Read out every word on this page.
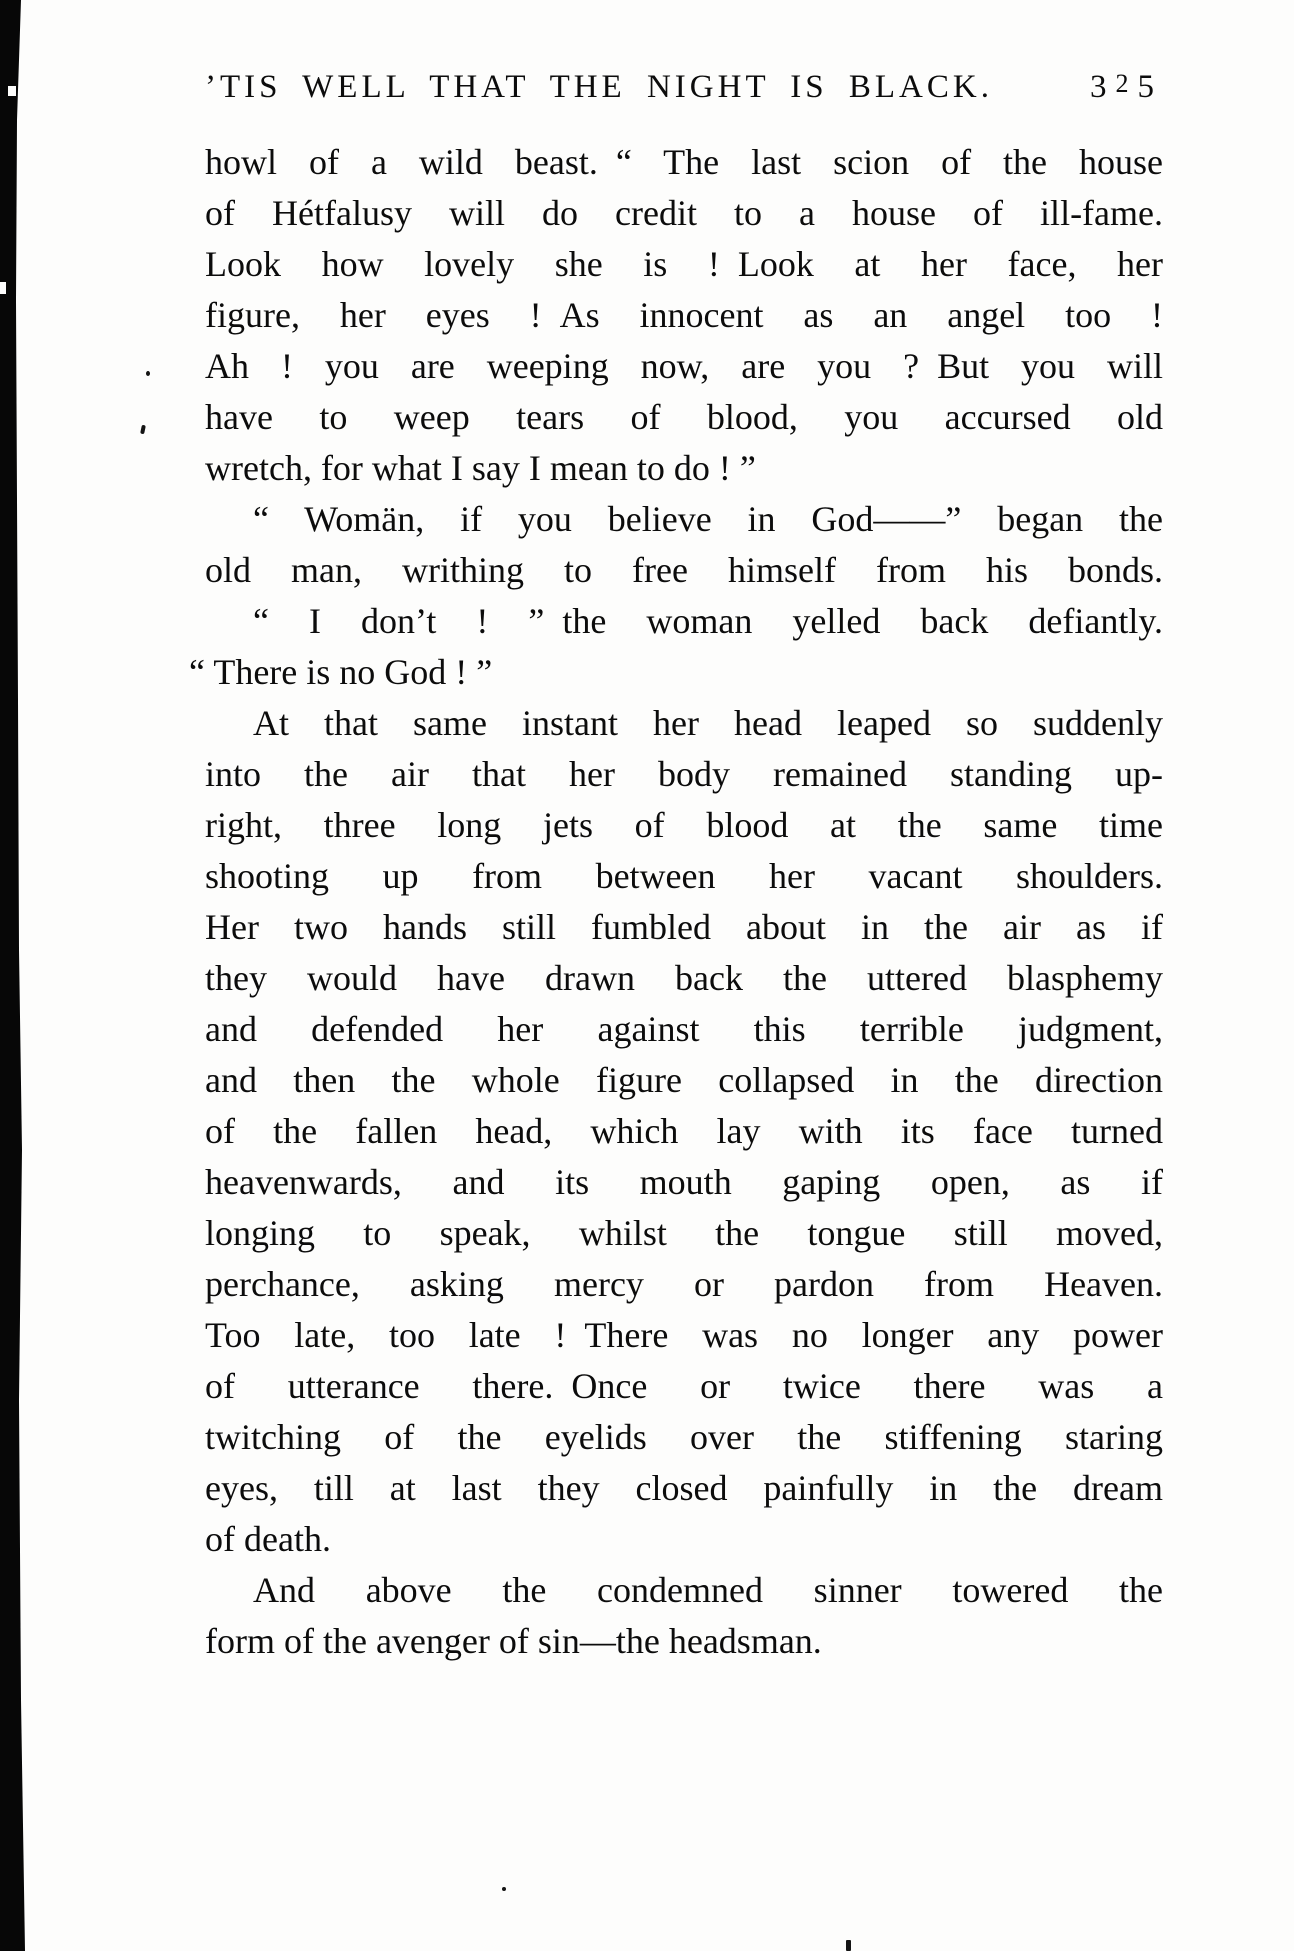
’TIS WELL THAT THE NIGHT IS BLACK.	325
howl of a wild beast. “ The last scion of the house
of Hétfalusy will do credit to a house of ill-fame.
Look how lovely she is ! Look at her face, her
figure, her eyes ! As innocent as an angel too !
Ah ! you are weeping now, are you ? But you will
have to weep tears of blood, you accursed old
wretch, for what I say I mean to do ! ”
“ Womän, if you believe in God——” began the
old man, writhing to free himself from his bonds.
“ I don’t ! ” the woman yelled back defiantly.
“ There is no God ! ”
At that same instant her head leaped so suddenly
into the air that her body remained standing up-
right, three long jets of blood at the same time
shooting up from between her vacant shoulders.
Her two hands still fumbled about in the air as if
they would have drawn back the uttered blasphemy
and defended her against this terrible judgment,
and then the whole figure collapsed in the direction
of the fallen head, which lay with its face turned
heavenwards, and its mouth gaping open, as if
longing to speak, whilst the tongue still moved,
perchance, asking mercy or pardon from Heaven.
Too late, too late ! There was no longer any power
of utterance there. Once or twice there was a
twitching of the eyelids over the stiffening staring
eyes, till at last they closed painfully in the dream
of death.
And above the condemned sinner towered the
form of the avenger of sin—the headsman.
